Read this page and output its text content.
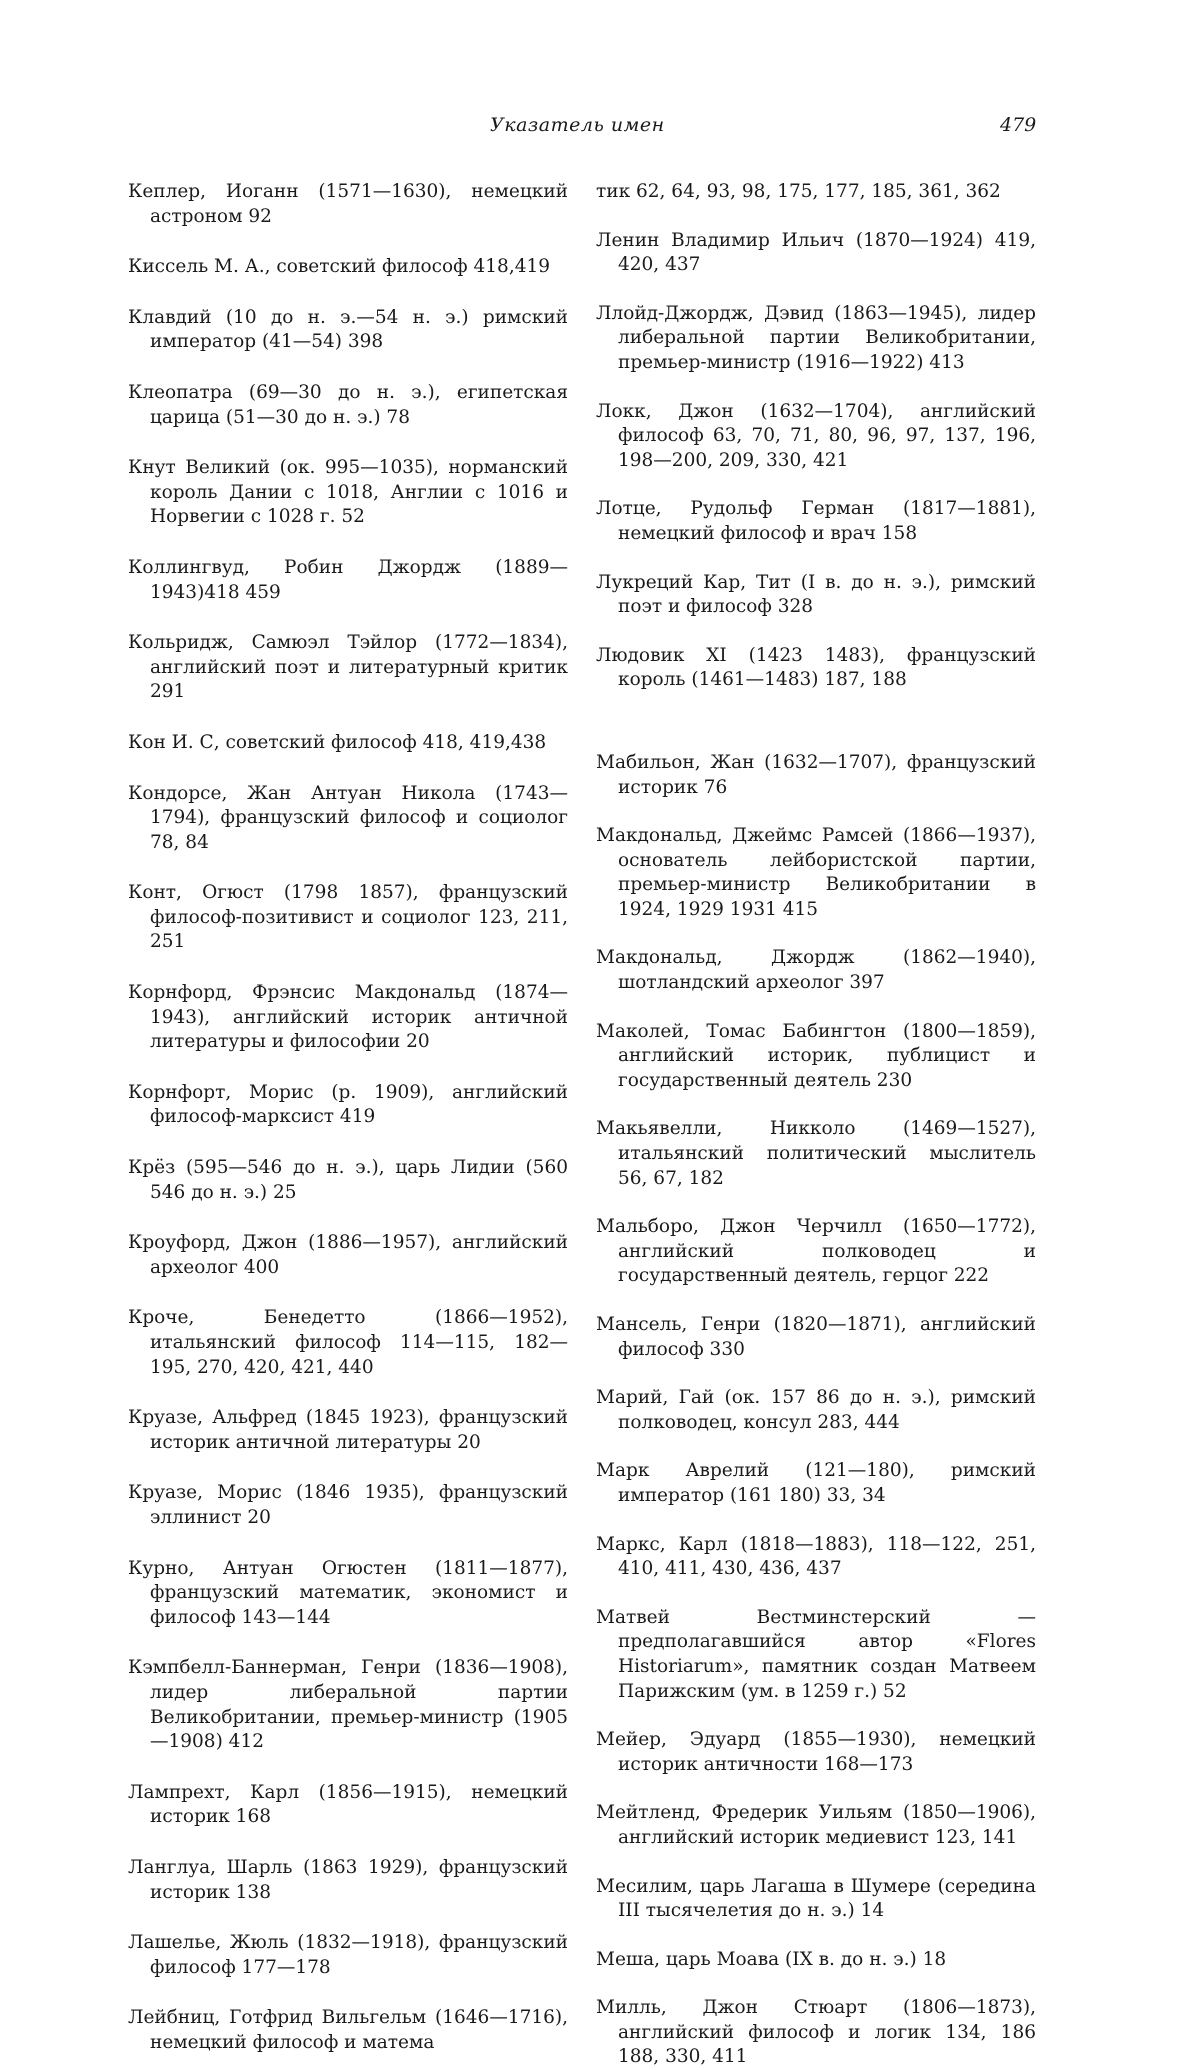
Указатель имен	479

Кеплер, Иоганн (1571—1630), немецкий астроном 92

Киссель М. А., советский философ 418,419

Клавдий (10 до н. э.—54 н. э.) римский император (41—54) 398

Клеопатра (69—30 до н. э.), египетская царица (51—30 до н. э.) 78

Кнут Великий (ок. 995—1035), норманский король Дании с 1018, Англии с 1016 и Норвегии с 1028 г. 52

Коллингвуд, Робин Джордж (1889—1943)418 459

Кольридж, Самюэл Тэйлор (1772—1834), английский поэт и литературный критик 291

Кон И. С, советский философ 418, 419,438

Кондорсе, Жан Антуан Никола (1743—1794), французский философ и социолог 78, 84

Конт, Огюст (1798 1857), французский философ-позитивист и социолог 123, 211, 251

Корнфорд, Фрэнсис Макдональд (1874—1943), английский историк античной литературы и философии 20

Корнфорт, Морис (р. 1909), английский философ-марксист 419

Крёз (595—546 до н. э.), царь Лидии (560 546 до н. э.) 25

Кроуфорд, Джон (1886—1957), английский археолог 400

Кроче, Бенедетто (1866—1952), итальянский философ 114—115, 182—195, 270, 420, 421, 440

Круазе, Альфред (1845 1923), французский историк античной литературы 20

Круазе, Морис (1846 1935), французский эллинист 20

Курно, Антуан Огюстен (1811—1877), французский математик, экономист и философ 143—144

Кэмпбелл-Баннерман, Генри (1836—1908), лидер либеральной партии Великобритании, премьер-министр (1905—1908) 412

Лампрехт, Карл (1856—1915), немецкий историк 168

Ланглуа, Шарль (1863 1929), французский историк 138

Лашелье, Жюль (1832—1918), французский философ 177—178

Лейбниц, Готфрид Вильгельм (1646—1716), немецкий философ и матема

тик 62, 64, 93, 98, 175, 177, 185, 361, 362

Ленин Владимир Ильич (1870—1924) 419, 420, 437

Ллойд-Джордж, Дэвид (1863—1945), лидер либеральной партии Великобритании, премьер-министр (1916—1922) 413

Локк, Джон (1632—1704), английский философ 63, 70, 71, 80, 96, 97, 137, 196, 198—200, 209, 330, 421

Лотце, Рудольф Герман (1817—1881), немецкий философ и врач 158

Лукреций Кар, Тит (I в. до н. э.), римский поэт и философ 328

Людовик XI (1423 1483), французский король (1461—1483) 187, 188

Мабильон, Жан (1632—1707), французский историк 76

Макдональд, Джеймс Рамсей (1866—1937), основатель лейбористской партии, премьер-министр Великобритании в 1924, 1929 1931 415

Макдональд, Джордж (1862—1940), шотландский археолог 397

Маколей, Томас Бабингтон (1800—1859), английский историк, публицист и государственный деятель 230

Макьявелли, Никколо (1469—1527), итальянский политический мыслитель 56, 67, 182

Мальборо, Джон Черчилл (1650—1772), английский полководец и государственный деятель, герцог 222

Мансель, Генри (1820—1871), английский философ 330

Марий, Гай (ок. 157 86 до н. э.), римский полководец, консул 283, 444

Марк Аврелий (121—180), римский император (161 180) 33, 34

Маркс, Карл (1818—1883), 118—122, 251, 410, 411, 430, 436, 437

Матвей Вестминстерский — предполагавшийся автор «Flores Historiarum», памятник создан Матвеем Парижским (ум. в 1259 г.) 52

Мейер, Эдуард (1855—1930), немецкий историк античности 168—173

Мейтленд, Фредерик Уильям (1850—1906), английский историк медиевист 123, 141

Месилим, царь Лагаша в Шумере (середина III тысячелетия до н. э.) 14

Меша, царь Моава (IX в. до н. э.) 18

Милль, Джон Стюарт (1806—1873), английский философ и логик 134, 186 188, 330, 411
